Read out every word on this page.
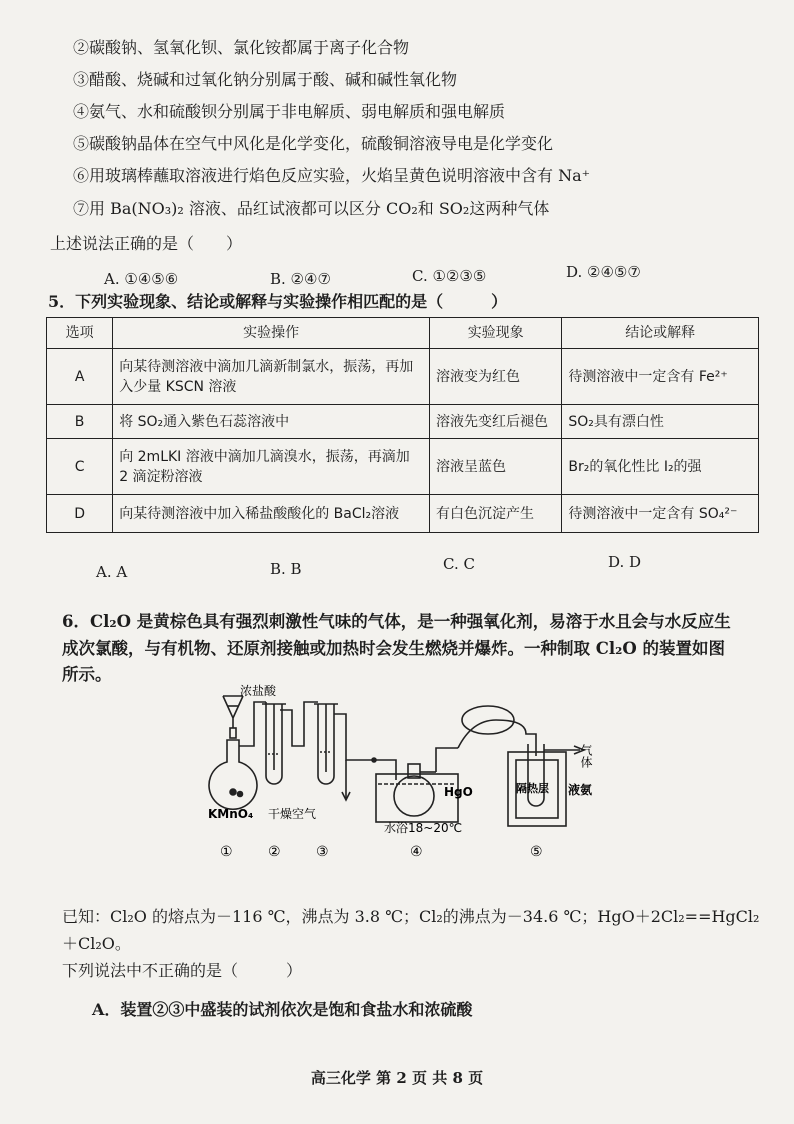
②碳酸钠、氢氧化钡、氯化铵都属于离子化合物
③醋酸、烧碱和过氧化钠分别属于酸、碱和碱性氧化物
④氨气、水和硫酸钡分别属于非电解质、弱电解质和强电解质
⑤碳酸钠晶体在空气中风化是化学变化，硫酸铜溶液导电是化学变化
⑥用玻璃棒蘸取溶液进行焰色反应实验，火焰呈黄色说明溶液中含有 Na⁺
⑦用 Ba(NO₃)₂ 溶液、品红试液都可以区分 CO₂和 SO₂这两种气体
上述说法正确的是（　　）
A. ①④⑤⑥	B. ②④⑦	C. ①②③⑤	D. ②④⑤⑦
5．下列实验现象、结论或解释与实验操作相匹配的是（　　　）
选项	实验操作	实验现象	结论或解释
A	向某待测溶液中滴加几滴新制氯水，振荡，再加入少量 KSCN 溶液	溶液变为红色	待测溶液中一定含有 Fe²⁺
B	将 SO₂通入紫色石蕊溶液中	溶液先变红后褪色	SO₂具有漂白性
C	向 2mLKI 溶液中滴加几滴溴水，振荡，再滴加 2 滴淀粉溶液	溶液呈蓝色	Br₂的氧化性比 I₂的强
D	向某待测溶液中加入稀盐酸酸化的 BaCl₂溶液	有白色沉淀产生	待测溶液中一定含有 SO₄²⁻
A. A	B. B	C. C	D. D
6．Cl₂O 是黄棕色具有强烈刺激性气味的气体，是一种强氧化剂，易溶于水且会与水反应生
成次氯酸，与有机物、还原剂接触或加热时会发生燃烧并爆炸。一种制取 Cl₂O 的装置如图
所示。
浓盐酸
KMnO₄ 干燥空气
水浴18~20℃
HgO	隔热层 液氨
气体
①	②	③	④	⑤
已知：Cl₂O 的熔点为－116 ℃，沸点为 3.8 ℃；Cl₂的沸点为－34.6 ℃；HgO＋2Cl₂==HgCl₂
＋Cl₂O。
下列说法中不正确的是（　　　）
A．装置②③中盛装的试剂依次是饱和食盐水和浓硫酸
高三化学 第 2 页 共 8 页
